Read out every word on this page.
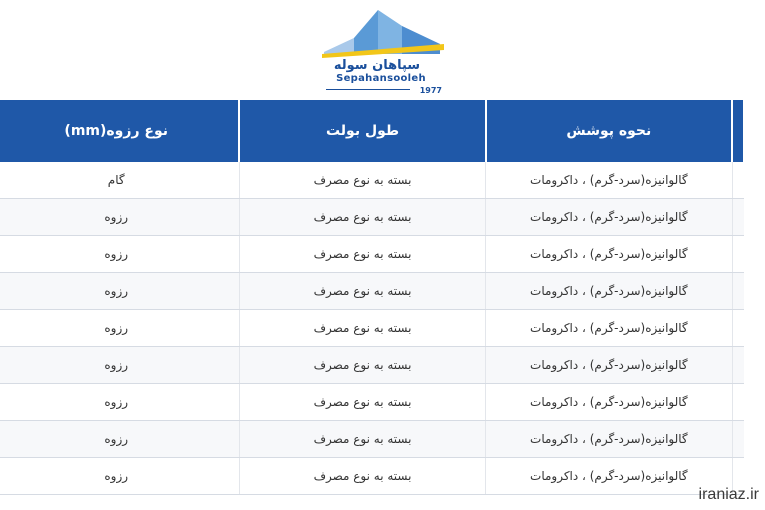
سپاهان سوله
Sepahansooleh
1977
	نحوه پوشش	طول بولت	نوع رزوه(mm)	
	گالوانیزه(سرد-گرم) ، داکرومات	بسته به نوع مصرف	گام	
	گالوانیزه(سرد-گرم) ، داکرومات	بسته به نوع مصرف	رزوه	
	گالوانیزه(سرد-گرم) ، داکرومات	بسته به نوع مصرف	رزوه	
	گالوانیزه(سرد-گرم) ، داکرومات	بسته به نوع مصرف	رزوه	
	گالوانیزه(سرد-گرم) ، داکرومات	بسته به نوع مصرف	رزوه	
	گالوانیزه(سرد-گرم) ، داکرومات	بسته به نوع مصرف	رزوه	
	گالوانیزه(سرد-گرم) ، داکرومات	بسته به نوع مصرف	رزوه	
	گالوانیزه(سرد-گرم) ، داکرومات	بسته به نوع مصرف	رزوه	
	گالوانیزه(سرد-گرم) ، داکرومات	بسته به نوع مصرف	رزوه	
iraniaz.ir
